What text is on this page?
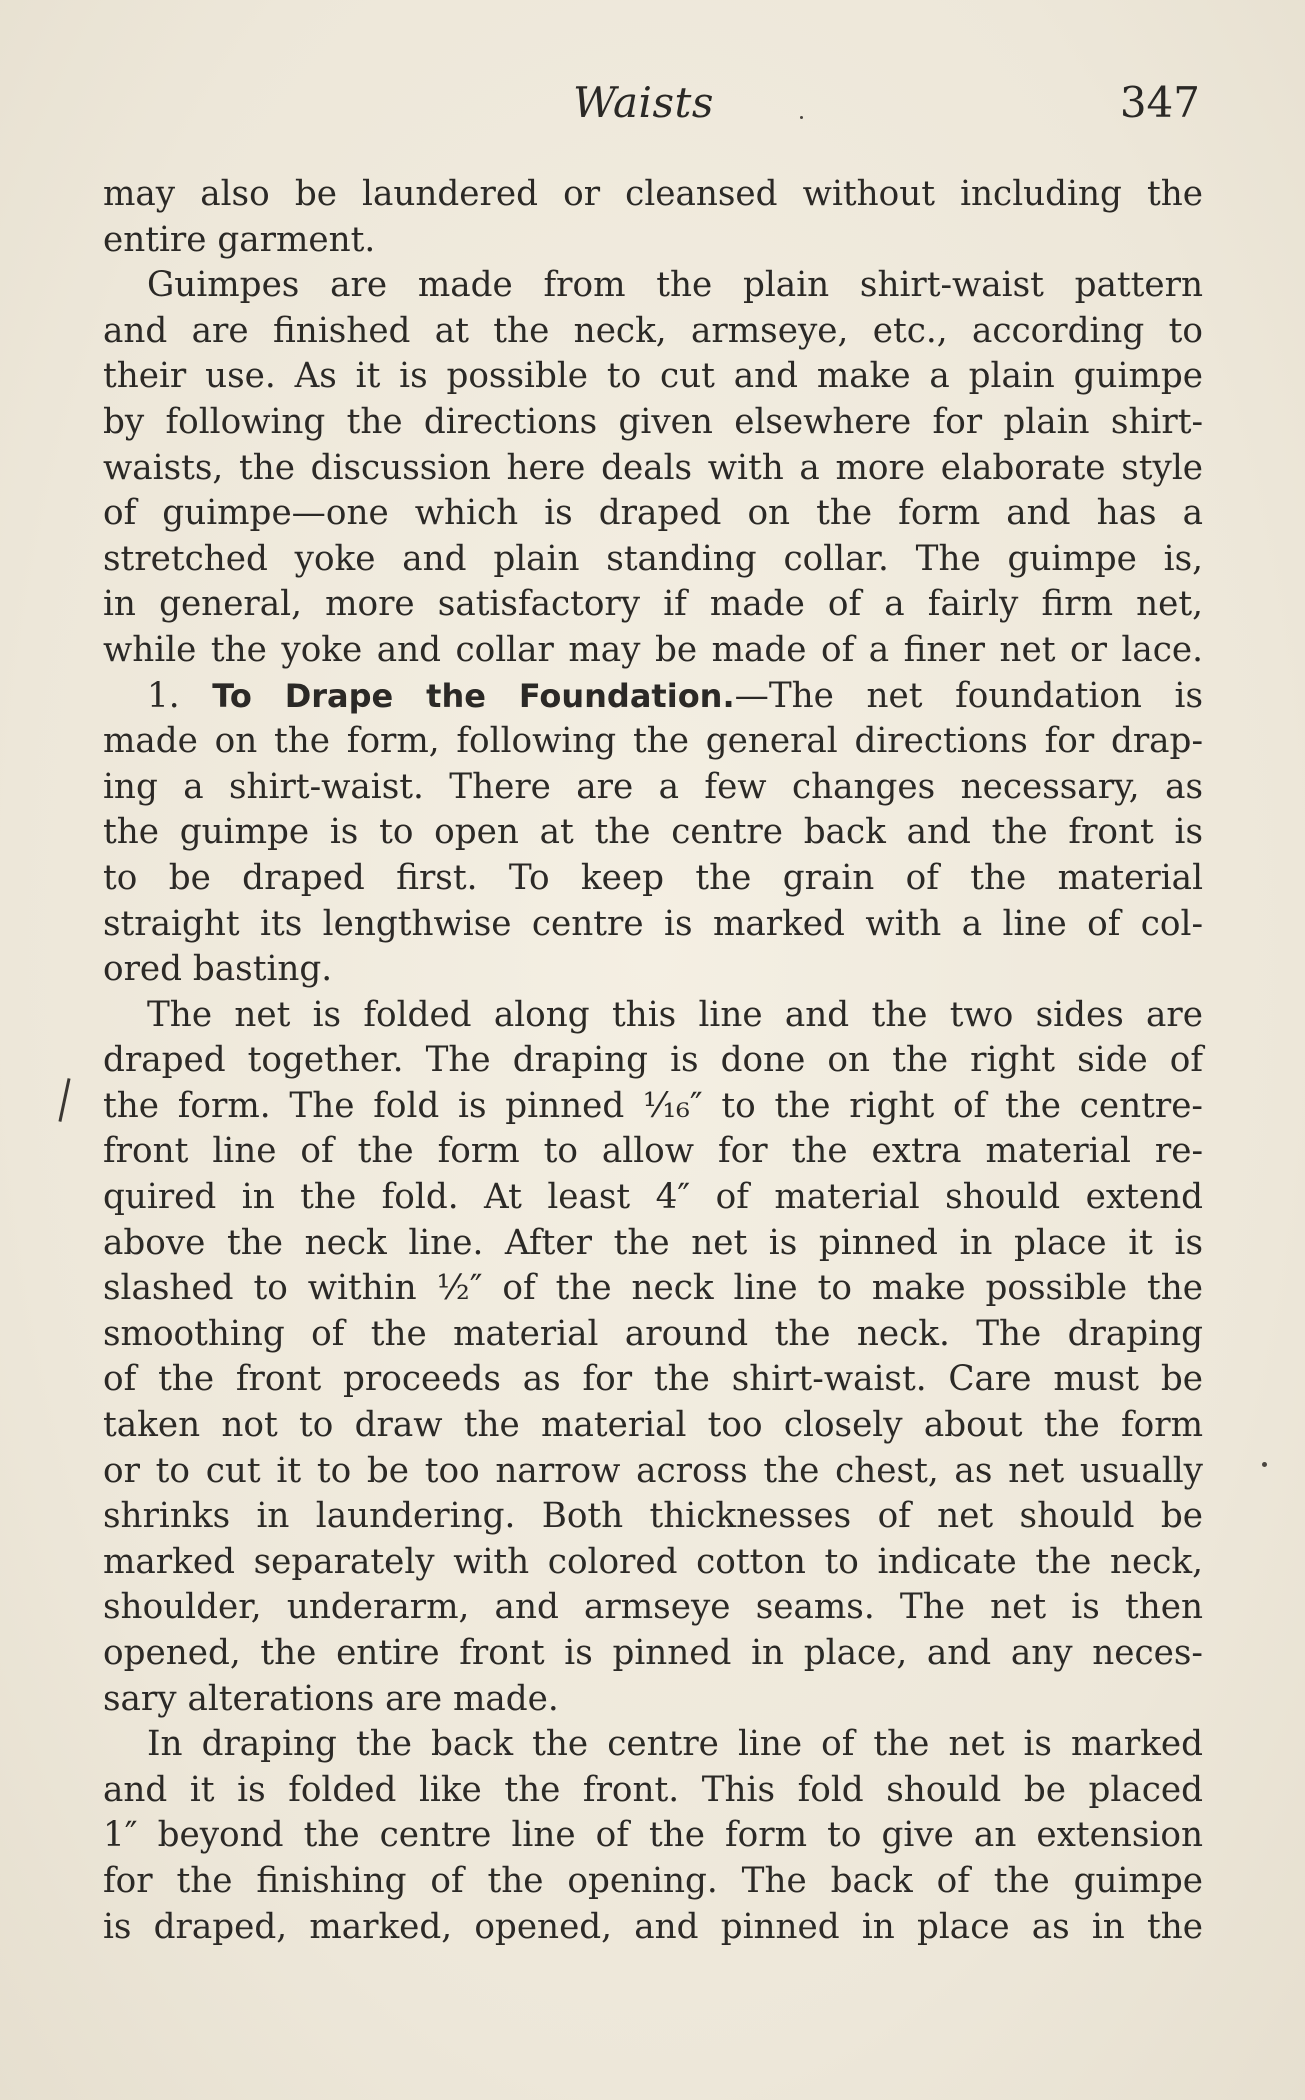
Waists	347
may also be laundered or cleansed without including the
entire garment.
Guimpes are made from the plain shirt-waist pattern
and are finished at the neck, armseye, etc., according to
their use. As it is possible to cut and make a plain guimpe
by following the directions given elsewhere for plain shirt-
waists, the discussion here deals with a more elaborate style
of guimpe—one which is draped on the form and has a
stretched yoke and plain standing collar. The guimpe is,
in general, more satisfactory if made of a fairly firm net,
while the yoke and collar may be made of a finer net or lace.
1. To Drape the Foundation.—The net foundation is
made on the form, following the general directions for drap-
ing a shirt-waist. There are a few changes necessary, as
the guimpe is to open at the centre back and the front is
to be draped first. To keep the grain of the material
straight its lengthwise centre is marked with a line of col-
ored basting.
The net is folded along this line and the two sides are
draped together. The draping is done on the right side of
the form. The fold is pinned ¹⁄₁₆″ to the right of the centre-
front line of the form to allow for the extra material re-
quired in the fold. At least 4″ of material should extend
above the neck line. After the net is pinned in place it is
slashed to within ½″ of the neck line to make possible the
smoothing of the material around the neck. The draping
of the front proceeds as for the shirt-waist. Care must be
taken not to draw the material too closely about the form
or to cut it to be too narrow across the chest, as net usually
shrinks in laundering. Both thicknesses of net should be
marked separately with colored cotton to indicate the neck,
shoulder, underarm, and armseye seams. The net is then
opened, the entire front is pinned in place, and any neces-
sary alterations are made.
In draping the back the centre line of the net is marked
and it is folded like the front. This fold should be placed
1″ beyond the centre line of the form to give an extension
for the finishing of the opening. The back of the guimpe
is draped, marked, opened, and pinned in place as in the
